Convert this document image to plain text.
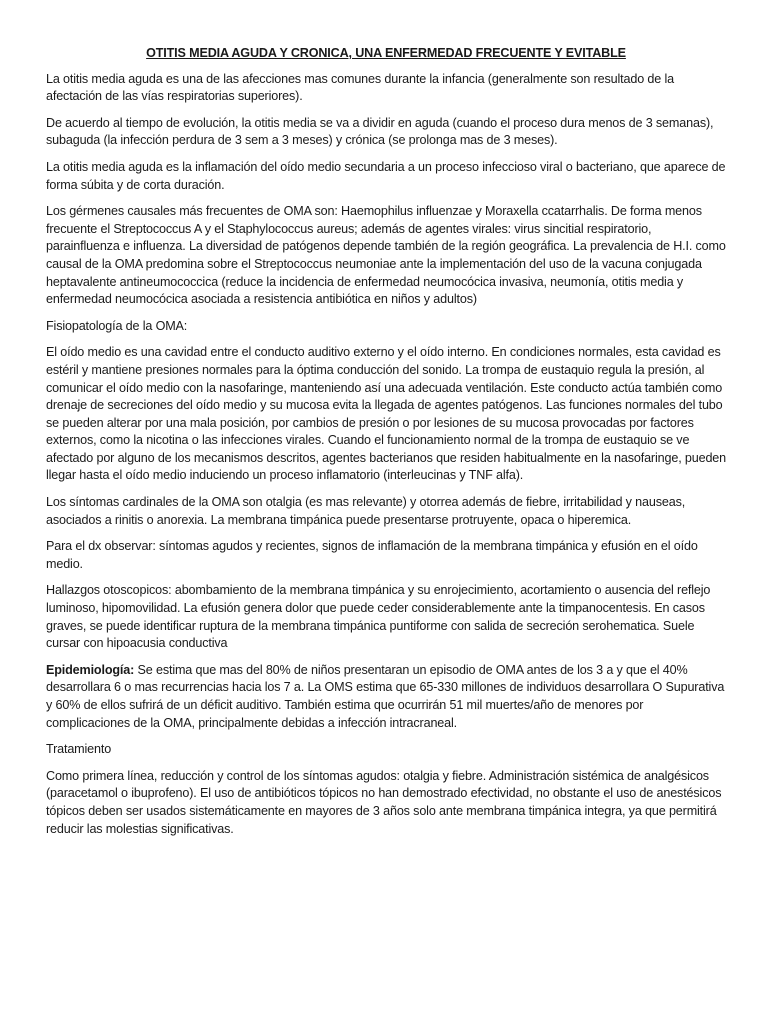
OTITIS MEDIA AGUDA Y CRONICA, UNA ENFERMEDAD FRECUENTE Y EVITABLE

La otitis media aguda es una de las afecciones mas comunes durante la infancia (generalmente son resultado de la afectación de las vías respiratorias superiores).

De acuerdo al tiempo de evolución, la otitis media se va a dividir en aguda (cuando el proceso dura menos de 3 semanas), subaguda (la infección perdura de 3 sem a 3 meses) y crónica (se prolonga mas de 3 meses).

La otitis media aguda es la inflamación del oído medio secundaria a un proceso infeccioso viral o bacteriano, que aparece de forma súbita y de corta duración.

Los gérmenes causales más frecuentes de OMA son: Haemophilus influenzae y Moraxella ccatarrhalis. De forma menos frecuente el Streptococcus A y el Staphylococcus aureus; además de agentes virales: virus sincitial respiratorio, parainfluenza e influenza. La diversidad de patógenos depende también de la región geográfica. La prevalencia de H.I. como causal de la OMA predomina sobre el Streptococcus neumoniae ante la implementación del uso de la vacuna conjugada heptavalente antineumococcica (reduce la incidencia de enfermedad neumocócica invasiva, neumonía, otitis media y enfermedad neumocócica asociada a resistencia antibiótica en niños y adultos)

Fisiopatología de la OMA:

El oído medio es una cavidad entre el conducto auditivo externo y el oído interno. En condiciones normales, esta cavidad es estéril y mantiene presiones normales para la óptima conducción del sonido. La trompa de eustaquio regula la presión, al comunicar el oído medio con la nasofaringe, manteniendo así una adecuada ventilación. Este conducto actúa también como drenaje de secreciones del oído medio y su mucosa evita la llegada de agentes patógenos. Las funciones normales del tubo se pueden alterar por una mala posición, por cambios de presión o por lesiones de su mucosa provocadas por factores externos, como la nicotina o las infecciones virales. Cuando el funcionamiento normal de la trompa de eustaquio se ve afectado por alguno de los mecanismos descritos, agentes bacterianos que residen habitualmente en la nasofaringe, pueden llegar hasta el oído medio induciendo un proceso inflamatorio (interleucinas y TNF alfa).

Los síntomas cardinales de la OMA son otalgia (es mas relevante) y otorrea además de fiebre, irritabilidad y nauseas, asociados a rinitis o anorexia. La membrana timpánica puede presentarse protruyente, opaca o hiperemica.

Para el dx observar: síntomas agudos y recientes, signos de inflamación de la membrana timpánica y efusión en el oído medio.

Hallazgos otoscopicos: abombamiento de la membrana timpánica y su enrojecimiento, acortamiento o ausencia del reflejo luminoso, hipomovilidad. La efusión genera dolor que puede ceder considerablemente ante la timpanocentesis. En casos graves, se puede identificar ruptura de la membrana timpánica puntiforme con salida de secreción serohematica. Suele cursar con hipoacusia conductiva

Epidemiología: Se estima que mas del 80% de niños presentaran un episodio de OMA antes de los 3 a y que el 40% desarrollara 6 o mas recurrencias hacia los 7 a. La OMS estima que 65-330 millones de individuos desarrollara O Supurativa y 60% de ellos sufrirá de un déficit auditivo. También estima que ocurrirán 51 mil muertes/año de menores por complicaciones de la OMA, principalmente debidas a infección intracraneal.

Tratamiento

Como primera línea, reducción y control de los síntomas agudos: otalgia y fiebre. Administración sistémica de analgésicos (paracetamol o ibuprofeno). El uso de antibióticos tópicos no han demostrado efectividad, no obstante el uso de anestésicos tópicos deben ser usados sistemáticamente en mayores de 3 años solo ante membrana timpánica integra, ya que permitirá reducir las molestias significativas.
